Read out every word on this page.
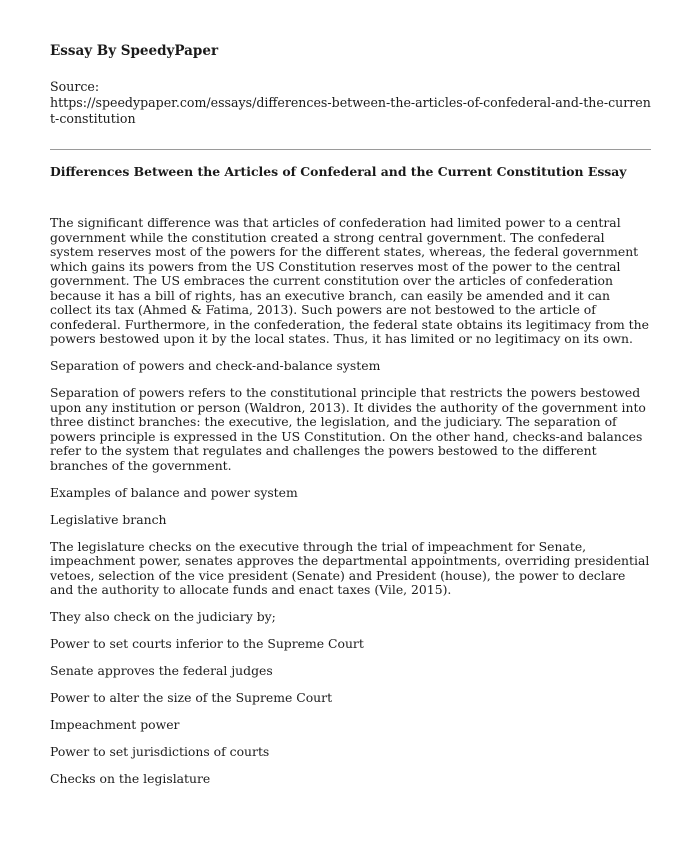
Essay By SpeedyPaper
Source:
https://speedypaper.com/essays/differences-between-the-articles-of-confederal-and-the-current-constitution
Differences Between the Articles of Confederal and the Current Constitution Essay

The significant difference was that articles of confederation had limited power to a central government while the constitution created a strong central government. The confederal system reserves most of the powers for the different states, whereas, the federal government which gains its powers from the US Constitution reserves most of the power to the central government. The US embraces the current constitution over the articles of confederation because it has a bill of rights, has an executive branch, can easily be amended and it can collect its tax (Ahmed & Fatima, 2013). Such powers are not bestowed to the article of confederal. Furthermore, in the confederation, the federal state obtains its legitimacy from the powers bestowed upon it by the local states. Thus, it has limited or no legitimacy on its own.

Separation of powers and check-and-balance system

Separation of powers refers to the constitutional principle that restricts the powers bestowed upon any institution or person (Waldron, 2013). It divides the authority of the government into three distinct branches: the executive, the legislation, and the judiciary. The separation of powers principle is expressed in the US Constitution. On the other hand, checks-and balances refer to the system that regulates and challenges the powers bestowed to the different branches of the government.

Examples of balance and power system

Legislative branch

The legislature checks on the executive through the trial of impeachment for Senate, impeachment power, senates approves the departmental appointments, overriding presidential vetoes, selection of the vice president (Senate) and President (house), the power to declare and the authority to allocate funds and enact taxes (Vile, 2015).

They also check on the judiciary by;

Power to set courts inferior to the Supreme Court

Senate approves the federal judges

Power to alter the size of the Supreme Court

Impeachment power

Power to set jurisdictions of courts

Checks on the legislature
